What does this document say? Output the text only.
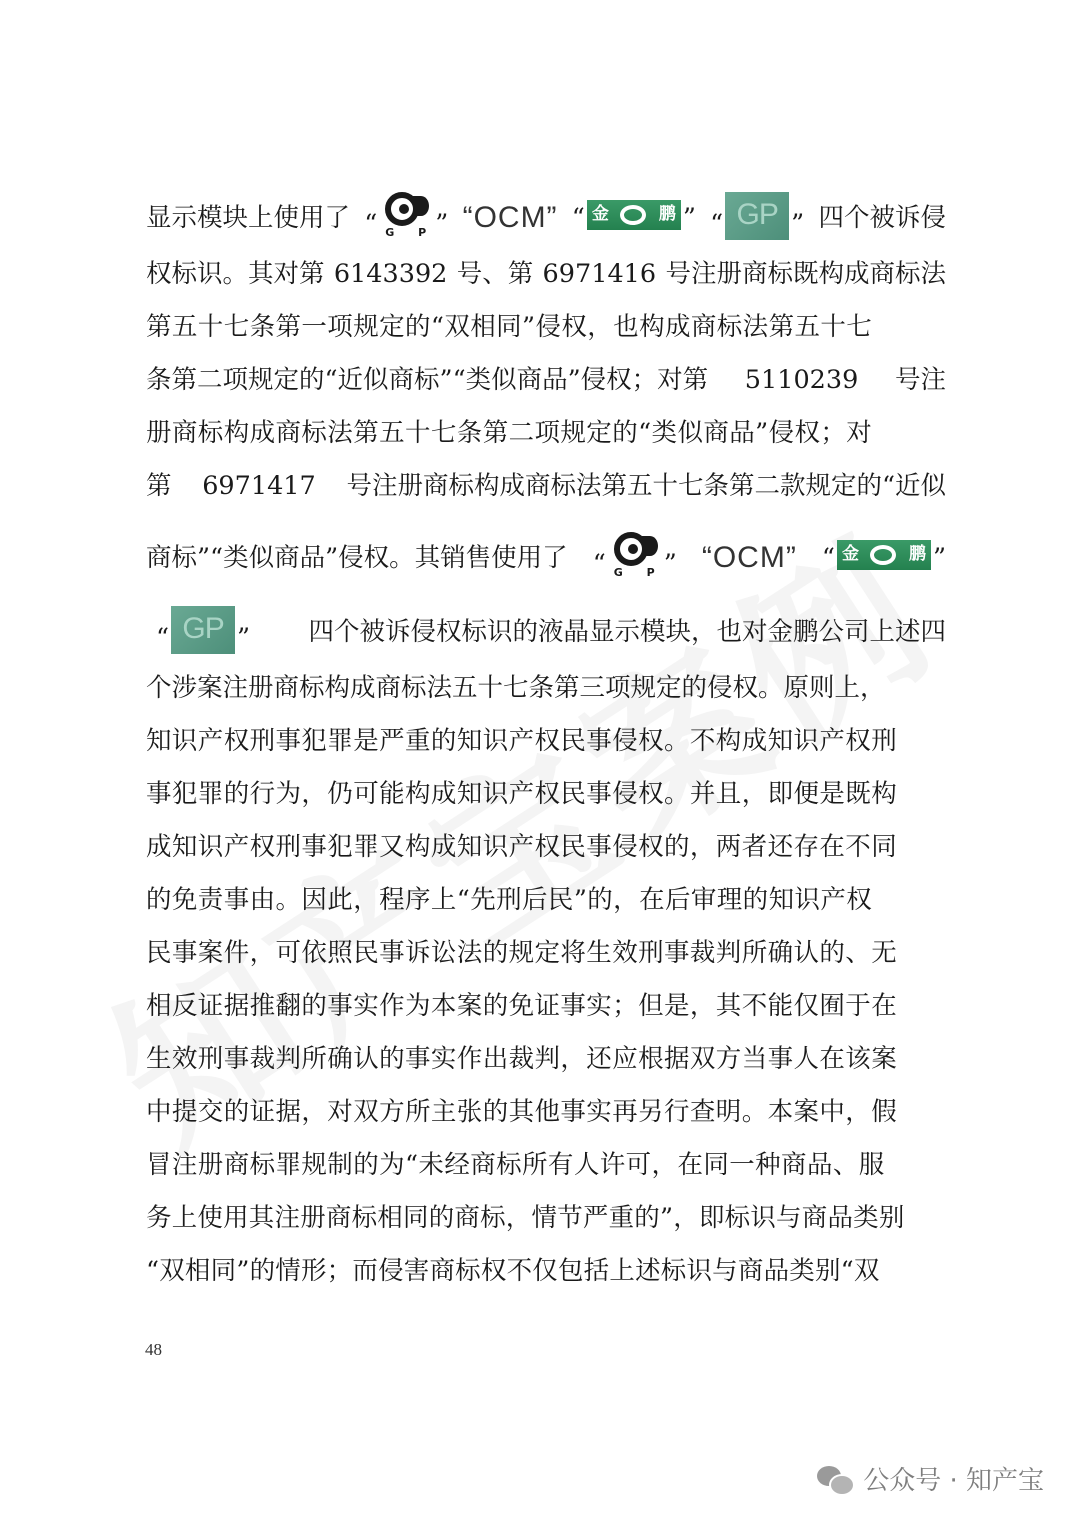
显示模块上使用了 “ G P ” “OCM” “ 金	鹏 ” “ GP ” 四个被诉侵
权标识。其对第 6143392 号、第 6971416 号注册商标既构成商标法
第五十七条第一项规定的“双相同”侵权，也构成商标法第五十七
条第二项规定的“近似商标”“类似商品”侵权；对第 5110239 号注
册商标构成商标法第五十七条第二项规定的“类似商品”侵权；对
第 6971417 号注册商标构成商标法第五十七条第二款规定的“近似
商标”“类似商品”侵权。其销售使用了 “ G P ” “OCM” “ 金	鹏 ”
“ GP ” 四个被诉侵权标识的液晶显示模块，也对金鹏公司上述四
个涉案注册商标构成商标法五十七条第三项规定的侵权。原则上，
知识产权刑事犯罪是严重的知识产权民事侵权。不构成知识产权刑
事犯罪的行为，仍可能构成知识产权民事侵权。并且，即便是既构
成知识产权刑事犯罪又构成知识产权民事侵权的，两者还存在不同
的免责事由。因此，程序上“先刑后民”的，在后审理的知识产权
民事案件，可依照民事诉讼法的规定将生效刑事裁判所确认的、无
相反证据推翻的事实作为本案的免证事实；但是，其不能仅囿于在
生效刑事裁判所确认的事实作出裁判，还应根据双方当事人在该案
中提交的证据，对双方所主张的其他事实再另行查明。本案中，假
冒注册商标罪规制的为“未经商标所有人许可，在同一种商品、服
务上使用其注册商标相同的商标，情节严重的”，即标识与商品类别
“双相同”的情形；而侵害商标权不仅包括上述标识与商品类别“双
48
公众号 · 知产宝
